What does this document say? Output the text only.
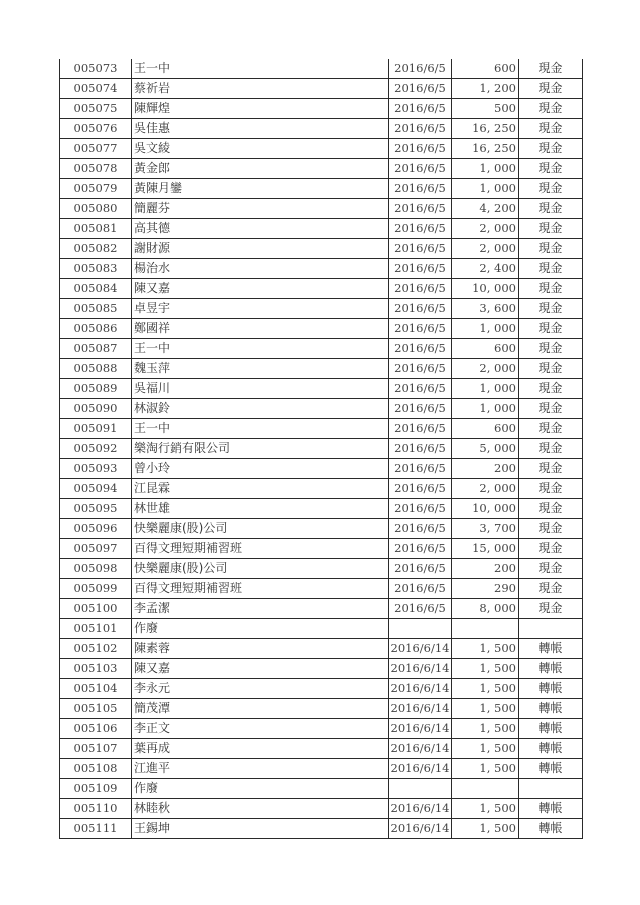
005073	王一中	2016/6/5	600	現金
005074	蔡祈岩	2016/6/5	1, 200	現金
005075	陳輝煌	2016/6/5	500	現金
005076	吳佳惠	2016/6/5	16, 250	現金
005077	吳文綾	2016/6/5	16, 250	現金
005078	黃金郎	2016/6/5	1, 000	現金
005079	黃陳月鑾	2016/6/5	1, 000	現金
005080	簡麗芬	2016/6/5	4, 200	現金
005081	高其德	2016/6/5	2, 000	現金
005082	謝財源	2016/6/5	2, 000	現金
005083	楊治水	2016/6/5	2, 400	現金
005084	陳又嘉	2016/6/5	10, 000	現金
005085	卓昱宇	2016/6/5	3, 600	現金
005086	鄭國祥	2016/6/5	1, 000	現金
005087	王一中	2016/6/5	600	現金
005088	魏玉萍	2016/6/5	2, 000	現金
005089	吳福川	2016/6/5	1, 000	現金
005090	林淑鈴	2016/6/5	1, 000	現金
005091	王一中	2016/6/5	600	現金
005092	樂淘行銷有限公司	2016/6/5	5, 000	現金
005093	曾小玲	2016/6/5	200	現金
005094	江昆霖	2016/6/5	2, 000	現金
005095	林世雄	2016/6/5	10, 000	現金
005096	快樂麗康(股)公司	2016/6/5	3, 700	現金
005097	百得文理短期補習班	2016/6/5	15, 000	現金
005098	快樂麗康(股)公司	2016/6/5	200	現金
005099	百得文理短期補習班	2016/6/5	290	現金
005100	李孟潔	2016/6/5	8, 000	現金
005101	作廢			
005102	陳素蓉	2016/6/14	1, 500	轉帳
005103	陳又嘉	2016/6/14	1, 500	轉帳
005104	李永元	2016/6/14	1, 500	轉帳
005105	簡茂潭	2016/6/14	1, 500	轉帳
005106	李正文	2016/6/14	1, 500	轉帳
005107	葉再成	2016/6/14	1, 500	轉帳
005108	江進平	2016/6/14	1, 500	轉帳
005109	作廢			
005110	林睦秋	2016/6/14	1, 500	轉帳
005111	王錫坤	2016/6/14	1, 500	轉帳
